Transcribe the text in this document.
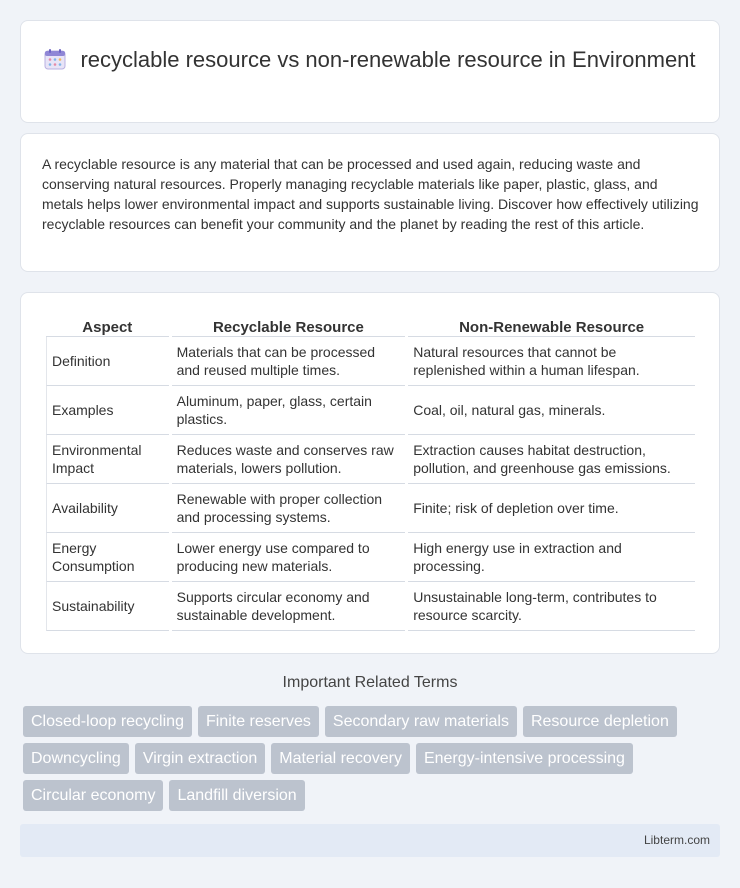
recyclable resource vs non-renewable resource in Environment

A recyclable resource is any material that can be processed and used again, reducing waste and conserving natural resources. Properly managing recyclable materials like paper, plastic, glass, and metals helps lower environmental impact and supports sustainable living. Discover how effectively utilizing recyclable resources can benefit your community and the planet by reading the rest of this article.

Aspect	Recyclable Resource	Non-Renewable Resource
Definition	Materials that can be processed and reused multiple times.	Natural resources that cannot be replenished within a human lifespan.
Examples	Aluminum, paper, glass, certain plastics.	Coal, oil, natural gas, minerals.
Environmental Impact	Reduces waste and conserves raw materials, lowers pollution.	Extraction causes habitat destruction, pollution, and greenhouse gas emissions.
Availability	Renewable with proper collection and processing systems.	Finite; risk of depletion over time.
Energy Consumption	Lower energy use compared to producing new materials.	High energy use in extraction and processing.
Sustainability	Supports circular economy and sustainable development.	Unsustainable long-term, contributes to resource scarcity.
Important Related Terms
Closed-loop recycling	Finite reserves	Secondary raw materials	Resource depletion
Downcycling	Virgin extraction	Material recovery	Energy-intensive processing
Circular economy	Landfill diversion
Libterm.com
